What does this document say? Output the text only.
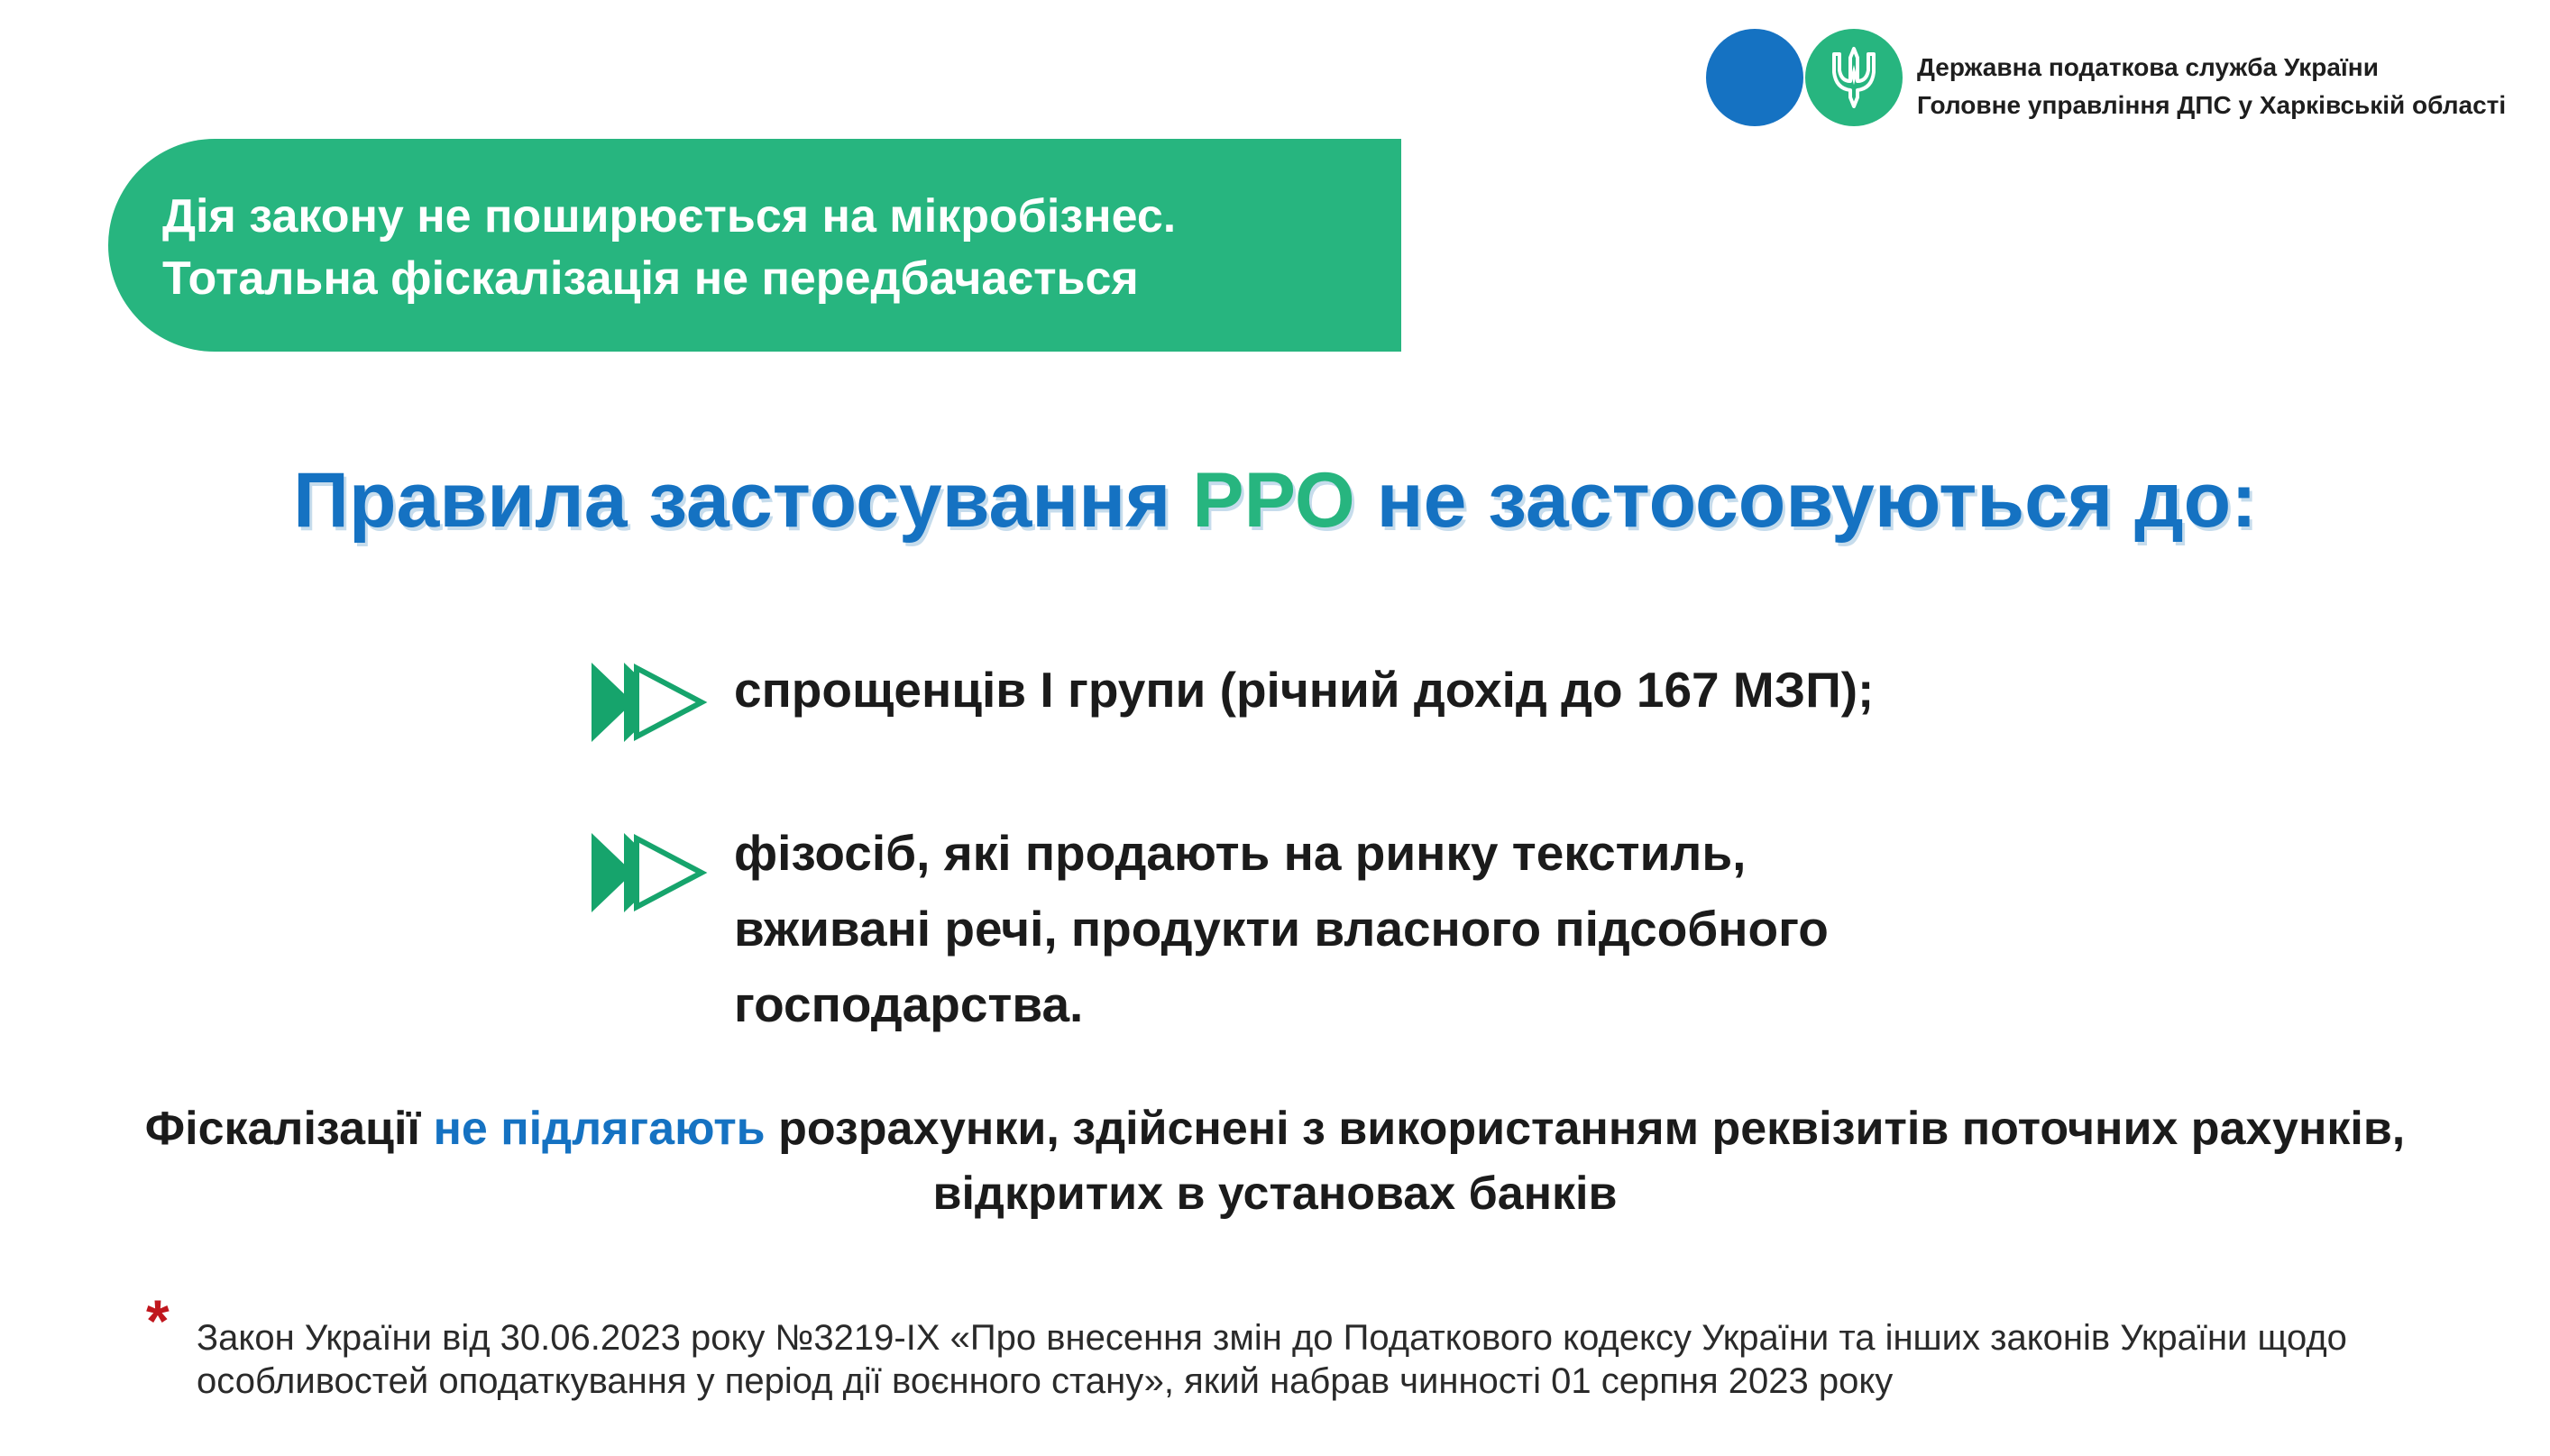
Державна податкова служба України
Головне управління ДПС у Харківській області
Дія закону не поширюється на мікробізнес.
Тотальна фіскалізація не передбачається
Правила застосування РРО не застосовуються до:
спрощенців І групи (річний дохід до 167 МЗП);
фізосіб, які продають на ринку текстиль,
вживані речі, продукти власного підсобного
господарства.
Фіскалізації не підлягають розрахунки, здійснені з використанням реквізитів поточних рахунків, відкритих в установах банків
* Закон України від 30.06.2023 року №3219-ІХ «Про внесення змін до Податкового кодексу України та інших законів України щодо
особливостей оподаткування у період дії воєнного стану», який набрав чинності 01 серпня 2023 року
